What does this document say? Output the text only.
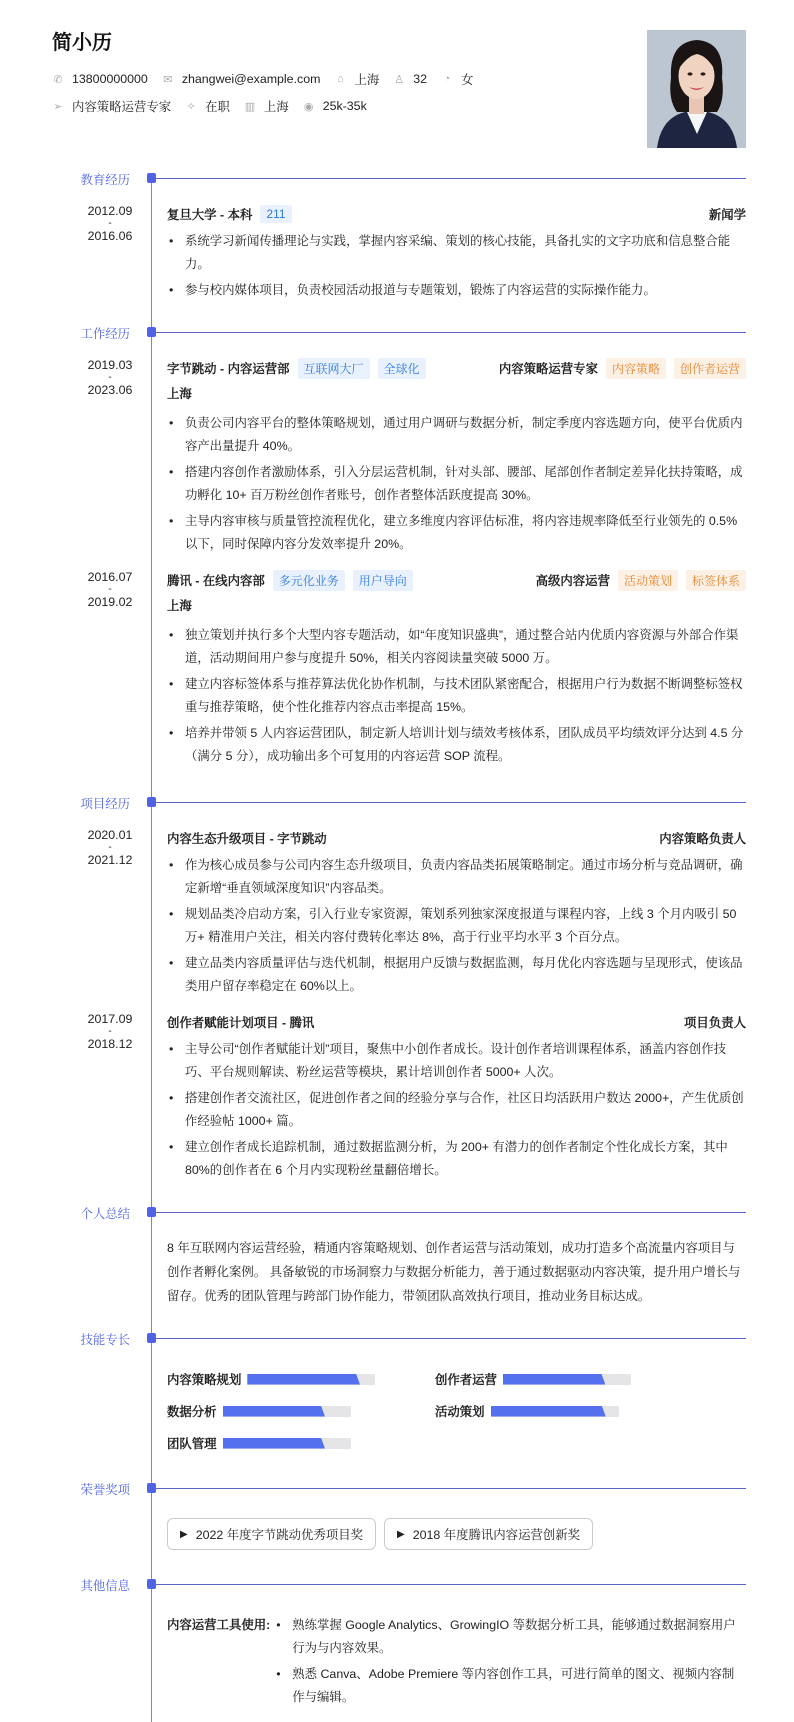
简小历
✆ 13800000000 ✉ zhangwei@example.com ⌂ 上海 ♙ 32 ◔ 女
➢ 内容策略运营专家 ✧ 在职 ▥ 上海 ◉ 25k-35k
教育经历
2012.09
-
2016.06
复旦大学 - 本科	211	新闻学
• 系统学习新闻传播理论与实践，掌握内容采编、策划的核心技能，具备扎实的文字功底和信息整合能力。
• 参与校内媒体项目，负责校园活动报道与专题策划，锻炼了内容运营的实际操作能力。
工作经历
2019.03
-
2023.06
字节跳动 - 内容运营部	互联网大厂	全球化	内容策略运营专家	内容策略	创作者运营
上海
• 负责公司内容平台的整体策略规划，通过用户调研与数据分析，制定季度内容选题方向，使平台优质内容产出量提升 40%。
• 搭建内容创作者激励体系，引入分层运营机制，针对头部、腰部、尾部创作者制定差异化扶持策略，成功孵化 10+ 百万粉丝创作者账号，创作者整体活跃度提高 30%。
• 主导内容审核与质量管控流程优化，建立多维度内容评估标准，将内容违规率降低至行业领先的 0.5%以下，同时保障内容分发效率提升 20%。
2016.07
-
2019.02
腾讯 - 在线内容部	多元化业务	用户导向	高级内容运营	活动策划	标签体系
上海
• 独立策划并执行多个大型内容专题活动，如“年度知识盛典”，通过整合站内优质内容资源与外部合作渠道，活动期间用户参与度提升 50%，相关内容阅读量突破 5000 万。
• 建立内容标签体系与推荐算法优化协作机制，与技术团队紧密配合，根据用户行为数据不断调整标签权重与推荐策略，使个性化推荐内容点击率提高 15%。
• 培养并带领 5 人内容运营团队，制定新人培训计划与绩效考核体系，团队成员平均绩效评分达到 4.5 分（满分 5 分），成功输出多个可复用的内容运营 SOP 流程。
项目经历
2020.01
-
2021.12
内容生态升级项目 - 字节跳动	内容策略负责人
• 作为核心成员参与公司内容生态升级项目，负责内容品类拓展策略制定。通过市场分析与竞品调研，确定新增“垂直领域深度知识”内容品类。
• 规划品类冷启动方案，引入行业专家资源，策划系列独家深度报道与课程内容，上线 3 个月内吸引 50 万+ 精准用户关注，相关内容付费转化率达 8%，高于行业平均水平 3 个百分点。
• 建立品类内容质量评估与迭代机制，根据用户反馈与数据监测，每月优化内容选题与呈现形式，使该品类用户留存率稳定在 60%以上。
2017.09
-
2018.12
创作者赋能计划项目 - 腾讯	项目负责人
• 主导公司“创作者赋能计划”项目，聚焦中小创作者成长。设计创作者培训课程体系，涵盖内容创作技巧、平台规则解读、粉丝运营等模块，累计培训创作者 5000+ 人次。
• 搭建创作者交流社区，促进创作者之间的经验分享与合作，社区日均活跃用户数达 2000+，产生优质创作经验帖 1000+ 篇。
• 建立创作者成长追踪机制，通过数据监测分析，为 200+ 有潜力的创作者制定个性化成长方案，其中 80%的创作者在 6 个月内实现粉丝量翻倍增长。
个人总结
8 年互联网内容运营经验，精通内容策略规划、创作者运营与活动策划，成功打造多个高流量内容项目与创作者孵化案例。 具备敏锐的市场洞察力与数据分析能力，善于通过数据驱动内容决策，提升用户增长与留存。优秀的团队管理与跨部门协作能力，带领团队高效执行项目，推动业务目标达成。
技能专长
内容策略规划	创作者运营
数据分析	活动策划
团队管理
荣誉奖项
▶ 2022 年度字节跳动优秀项目奖	▶ 2018 年度腾讯内容运营创新奖
其他信息
内容运营工具使用:	• 熟练掌握 Google Analytics、GrowingIO 等数据分析工具，能够通过数据洞察用户行为与内容效果。
• 熟悉 Canva、Adobe Premiere 等内容创作工具，可进行简单的图文、视频内容制作与编辑。
